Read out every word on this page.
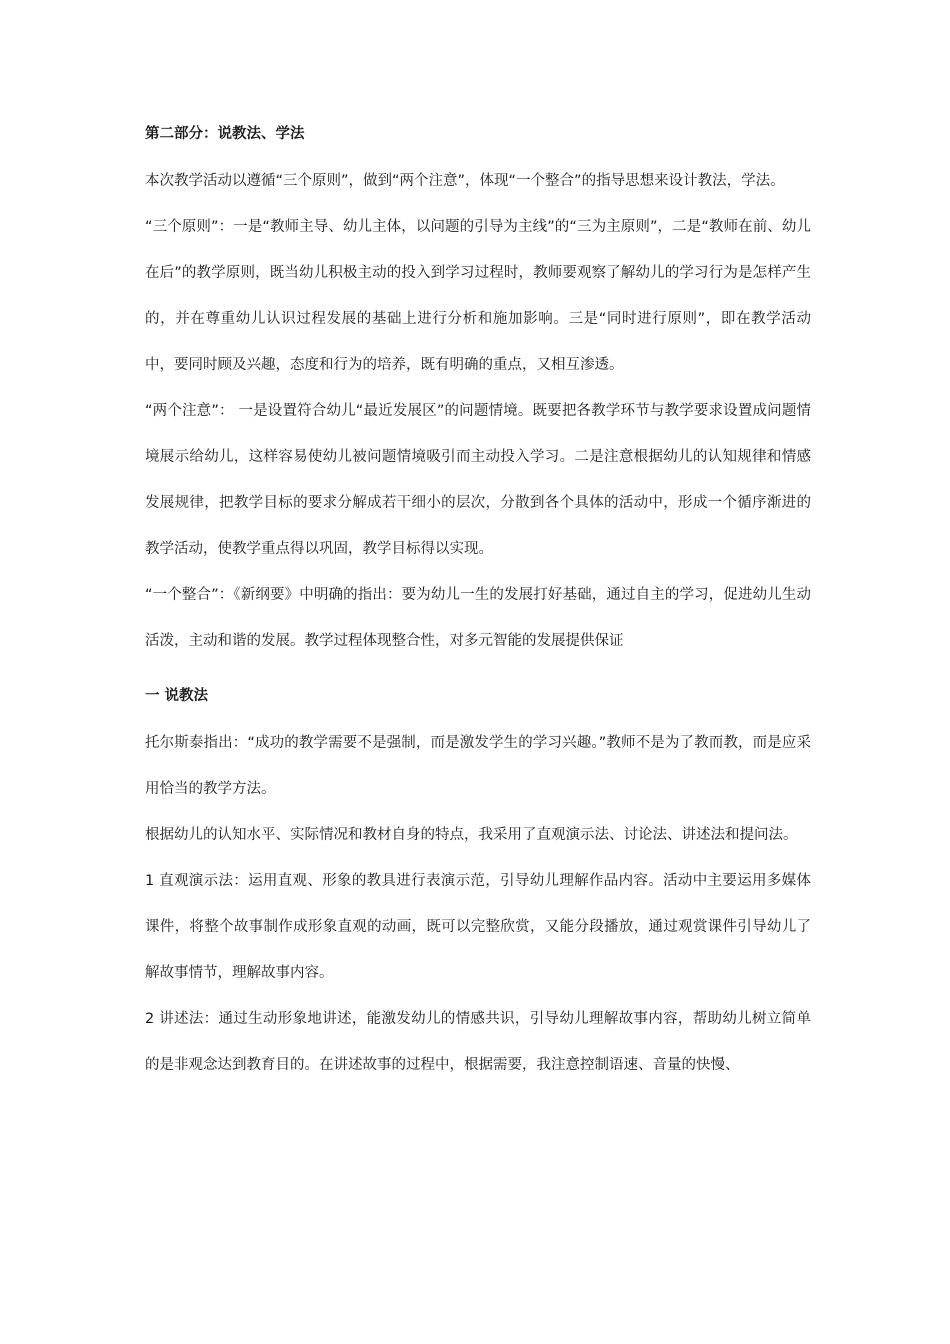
第二部分：说教法、学法

本次教学活动以遵循“三个原则”，做到“两个注意”，体现“一个整合”的指导思想来设计教法，学法。

“三个原则”：一是“教师主导、幼儿主体，以问题的引导为主线”的“三为主原则”，二是“教师在前、幼儿在后”的教学原则，既当幼儿积极主动的投入到学习过程时，教师要观察了解幼儿的学习行为是怎样产生的，并在尊重幼儿认识过程发展的基础上进行分析和施加影响。三是“同时进行原则”，即在教学活动中，要同时顾及兴趣，态度和行为的培养，既有明确的重点，又相互渗透。

“两个注意”： 一是设置符合幼儿“最近发展区”的问题情境。既要把各教学环节与教学要求设置成问题情境展示给幼儿，这样容易使幼儿被问题情境吸引而主动投入学习。二是注意根据幼儿的认知规律和情感发展规律，把教学目标的要求分解成若干细小的层次，分散到各个具体的活动中，形成一个循序渐进的教学活动，使教学重点得以巩固，教学目标得以实现。

“一个整合”：《新纲要》中明确的指出：要为幼儿一生的发展打好基础，通过自主的学习，促进幼儿生动活泼，主动和谐的发展。教学过程体现整合性，对多元智能的发展提供保证

一 说教法

托尔斯泰指出：“成功的教学需要不是强制，而是激发学生的学习兴趣。”教师不是为了教而教，而是应采用恰当的教学方法。

根据幼儿的认知水平、实际情况和教材自身的特点，我采用了直观演示法、讨论法、讲述法和提问法。

1 直观演示法：运用直观、形象的教具进行表演示范，引导幼儿理解作品内容。活动中主要运用多媒体课件，将整个故事制作成形象直观的动画，既可以完整欣赏，又能分段播放，通过观赏课件引导幼儿了解故事情节，理解故事内容。

2 讲述法：通过生动形象地讲述，能激发幼儿的情感共识，引导幼儿理解故事内容，帮助幼儿树立简单的是非观念达到教育目的。在讲述故事的过程中，根据需要，我注意控制语速、音量的快慢、
